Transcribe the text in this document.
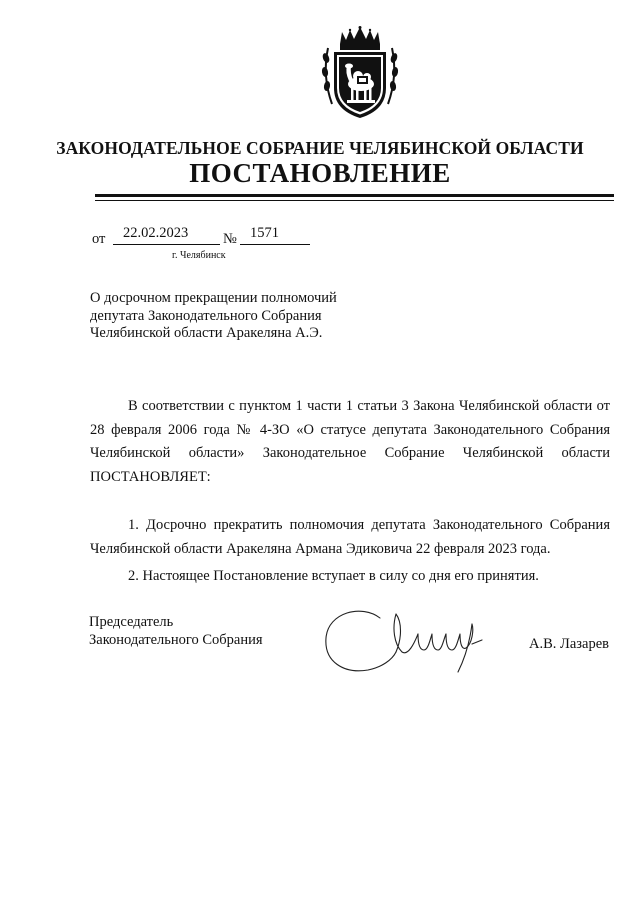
ЗАКОНОДАТЕЛЬНОЕ СОБРАНИЕ ЧЕЛЯБИНСКОЙ ОБЛАСТИ
ПОСТАНОВЛЕНИЕ
от 22.02.2023 № 1571
г. Челябинск
О досрочном прекращении полномочий
депутата Законодательного Собрания
Челябинской области Аракеляна А.Э.
В соответствии с пунктом 1 части 1 статьи 3 Закона Челябинской области от
28 февраля 2006 года № 4-ЗО «О статусе депутата Законодательного Собрания
Челябинской области» Законодательное Собрание Челябинской области
ПОСТАНОВЛЯЕТ:
1. Досрочно прекратить полномочия депутата Законодательного Собрания
Челябинской области Аракеляна Армана Эдиковича 22 февраля 2023 года.
2. Настоящее Постановление вступает в силу со дня его принятия.
Председатель
Законодательного Собрания	А.В. Лазарев
